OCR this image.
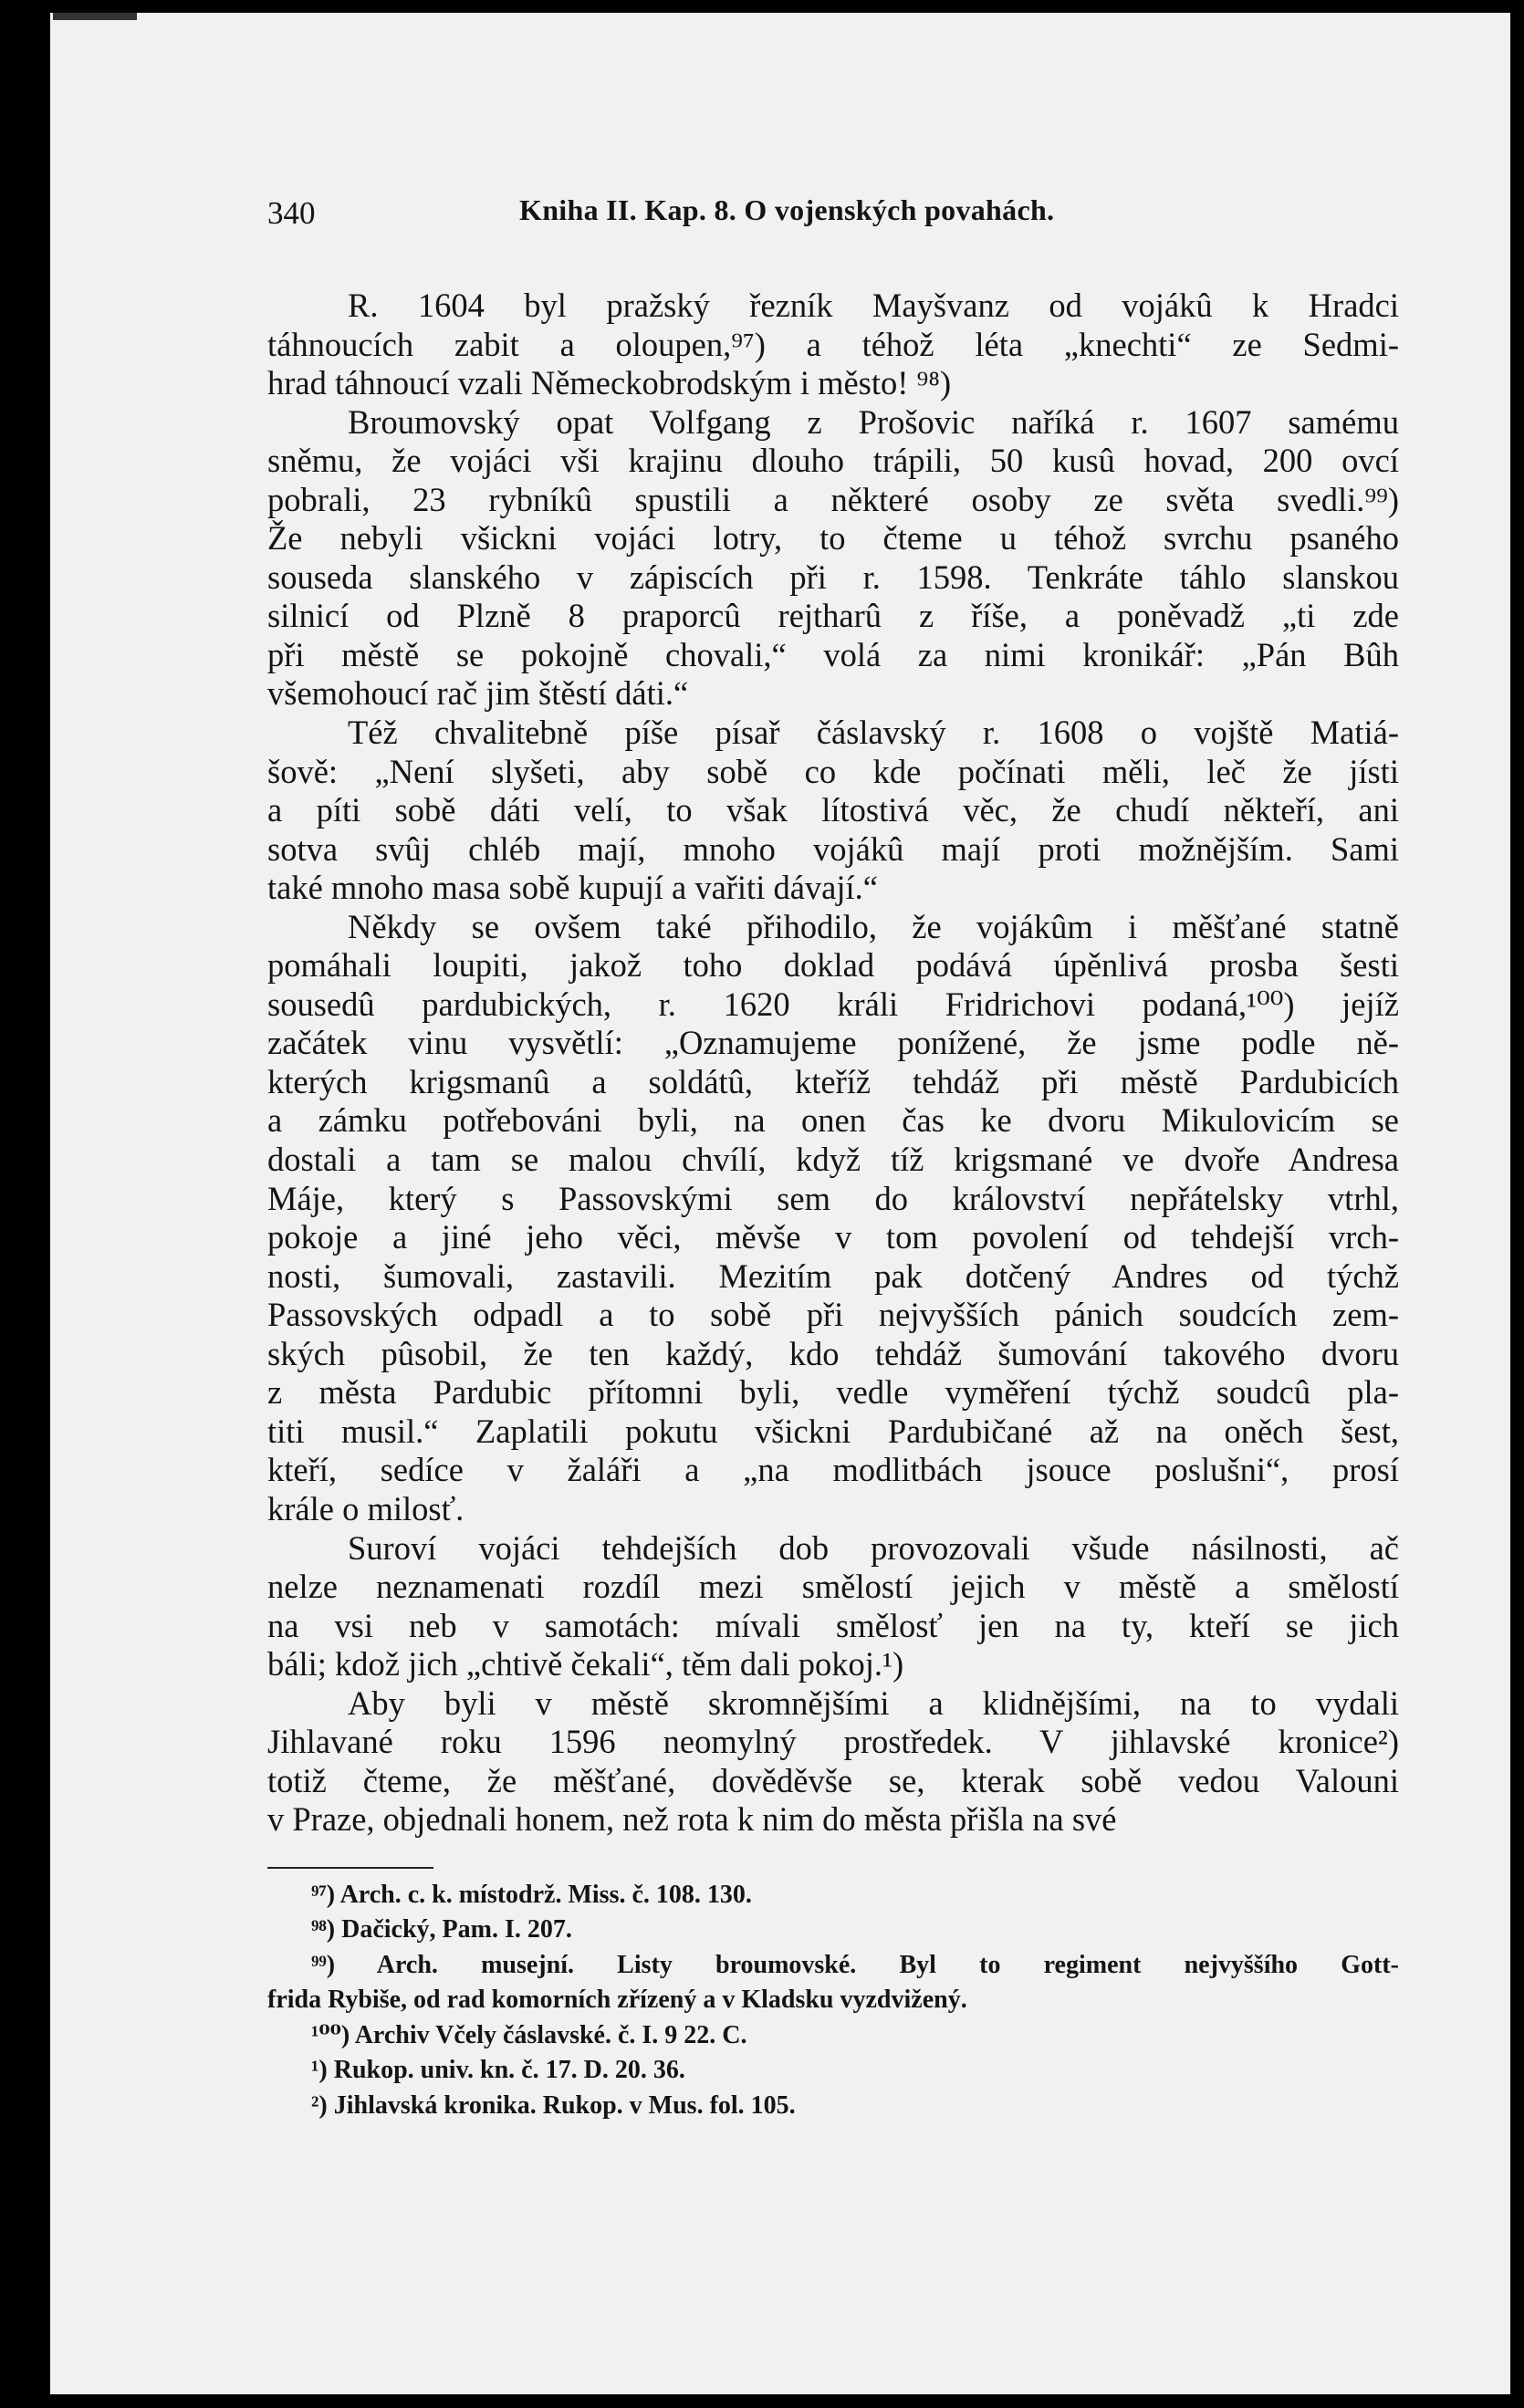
340	Kniha II. Kap. 8. O vojenských povahách.
R. 1604 byl pražský řezník Mayšvanz od vojákû k Hradci
táhnoucích zabit a oloupen,⁹⁷) a téhož léta „knechti“ ze Sedmi-
hrad táhnoucí vzali Německobrodským i město! ⁹⁸)
Broumovský opat Volfgang z Prošovic naříká r. 1607 samému
sněmu, že vojáci vši krajinu dlouho trápili, 50 kusû hovad, 200 ovcí
pobrali, 23 rybníkû spustili a některé osoby ze světa svedli.⁹⁹)
Že nebyli všickni vojáci lotry, to čteme u téhož svrchu psaného
souseda slanského v zápiscích při r. 1598. Tenkráte táhlo slanskou
silnicí od Plzně 8 praporcû rejtharû z říše, a poněvadž „ti zde
při městě se pokojně chovali,“ volá za nimi kronikář: „Pán Bûh
všemohoucí rač jim štěstí dáti.“
Též chvalitebně píše písař čáslavský r. 1608 o vojště Matiá-
šově: „Není slyšeti, aby sobě co kde počínati měli, leč že jísti
a píti sobě dáti velí, to však lítostivá věc, že chudí někteří, ani
sotva svûj chléb mají, mnoho vojákû mají proti možnějším. Sami
také mnoho masa sobě kupují a vařiti dávají.“
Někdy se ovšem také přihodilo, že vojákûm i měšťané statně
pomáhali loupiti, jakož toho doklad podává úpěnlivá prosba šesti
sousedû pardubických, r. 1620 králi Fridrichovi podaná,¹⁰⁰) jejíž
začátek vinu vysvětlí: „Oznamujeme ponížené, že jsme podle ně-
kterých krigsmanû a soldátû, kteříž tehdáž při městě Pardubicích
a zámku potřebováni byli, na onen čas ke dvoru Mikulovicím se
dostali a tam se malou chvílí, když tíž krigsmané ve dvoře Andresa
Máje, který s Passovskými sem do království nepřátelsky vtrhl,
pokoje a jiné jeho věci, měvše v tom povolení od tehdejší vrch-
nosti, šumovali, zastavili. Mezitím pak dotčený Andres od týchž
Passovských odpadl a to sobě při nejvyšších pánich soudcích zem-
ských pûsobil, že ten každý, kdo tehdáž šumování takového dvoru
z města Pardubic přítomni byli, vedle vyměření týchž soudcû pla-
titi musil.“ Zaplatili pokutu všickni Pardubičané až na oněch šest,
kteří, sedíce v žaláři a „na modlitbách jsouce poslušni“, prosí
krále o milosť.
Suroví vojáci tehdejších dob provozovali všude násilnosti, ač
nelze neznamenati rozdíl mezi smělostí jejich v městě a smělostí
na vsi neb v samotách: mívali smělosť jen na ty, kteří se jich
báli; kdož jich „chtivě čekali“, těm dali pokoj.¹)
Aby byli v městě skromnějšími a klidnějšími, na to vydali
Jihlavané roku 1596 neomylný prostředek. V jihlavské kronice²)
totiž čteme, že měšťané, dověděvše se, kterak sobě vedou Valouni
v Praze, objednali honem, než rota k nim do města přišla na své
⁹⁷) Arch. c. k. místodrž. Miss. č. 108. 130.
⁹⁸) Dačický, Pam. I. 207.
⁹⁹) Arch. musejní. Listy broumovské. Byl to regiment nejvyššího Gott-
frida Rybiše, od rad komorních zřízený a v Kladsku vyzdvižený.
¹⁰⁰) Archiv Včely čáslavské. č. I. 9 22. C.
¹) Rukop. univ. kn. č. 17. D. 20. 36.
²) Jihlavská kronika. Rukop. v Mus. fol. 105.
